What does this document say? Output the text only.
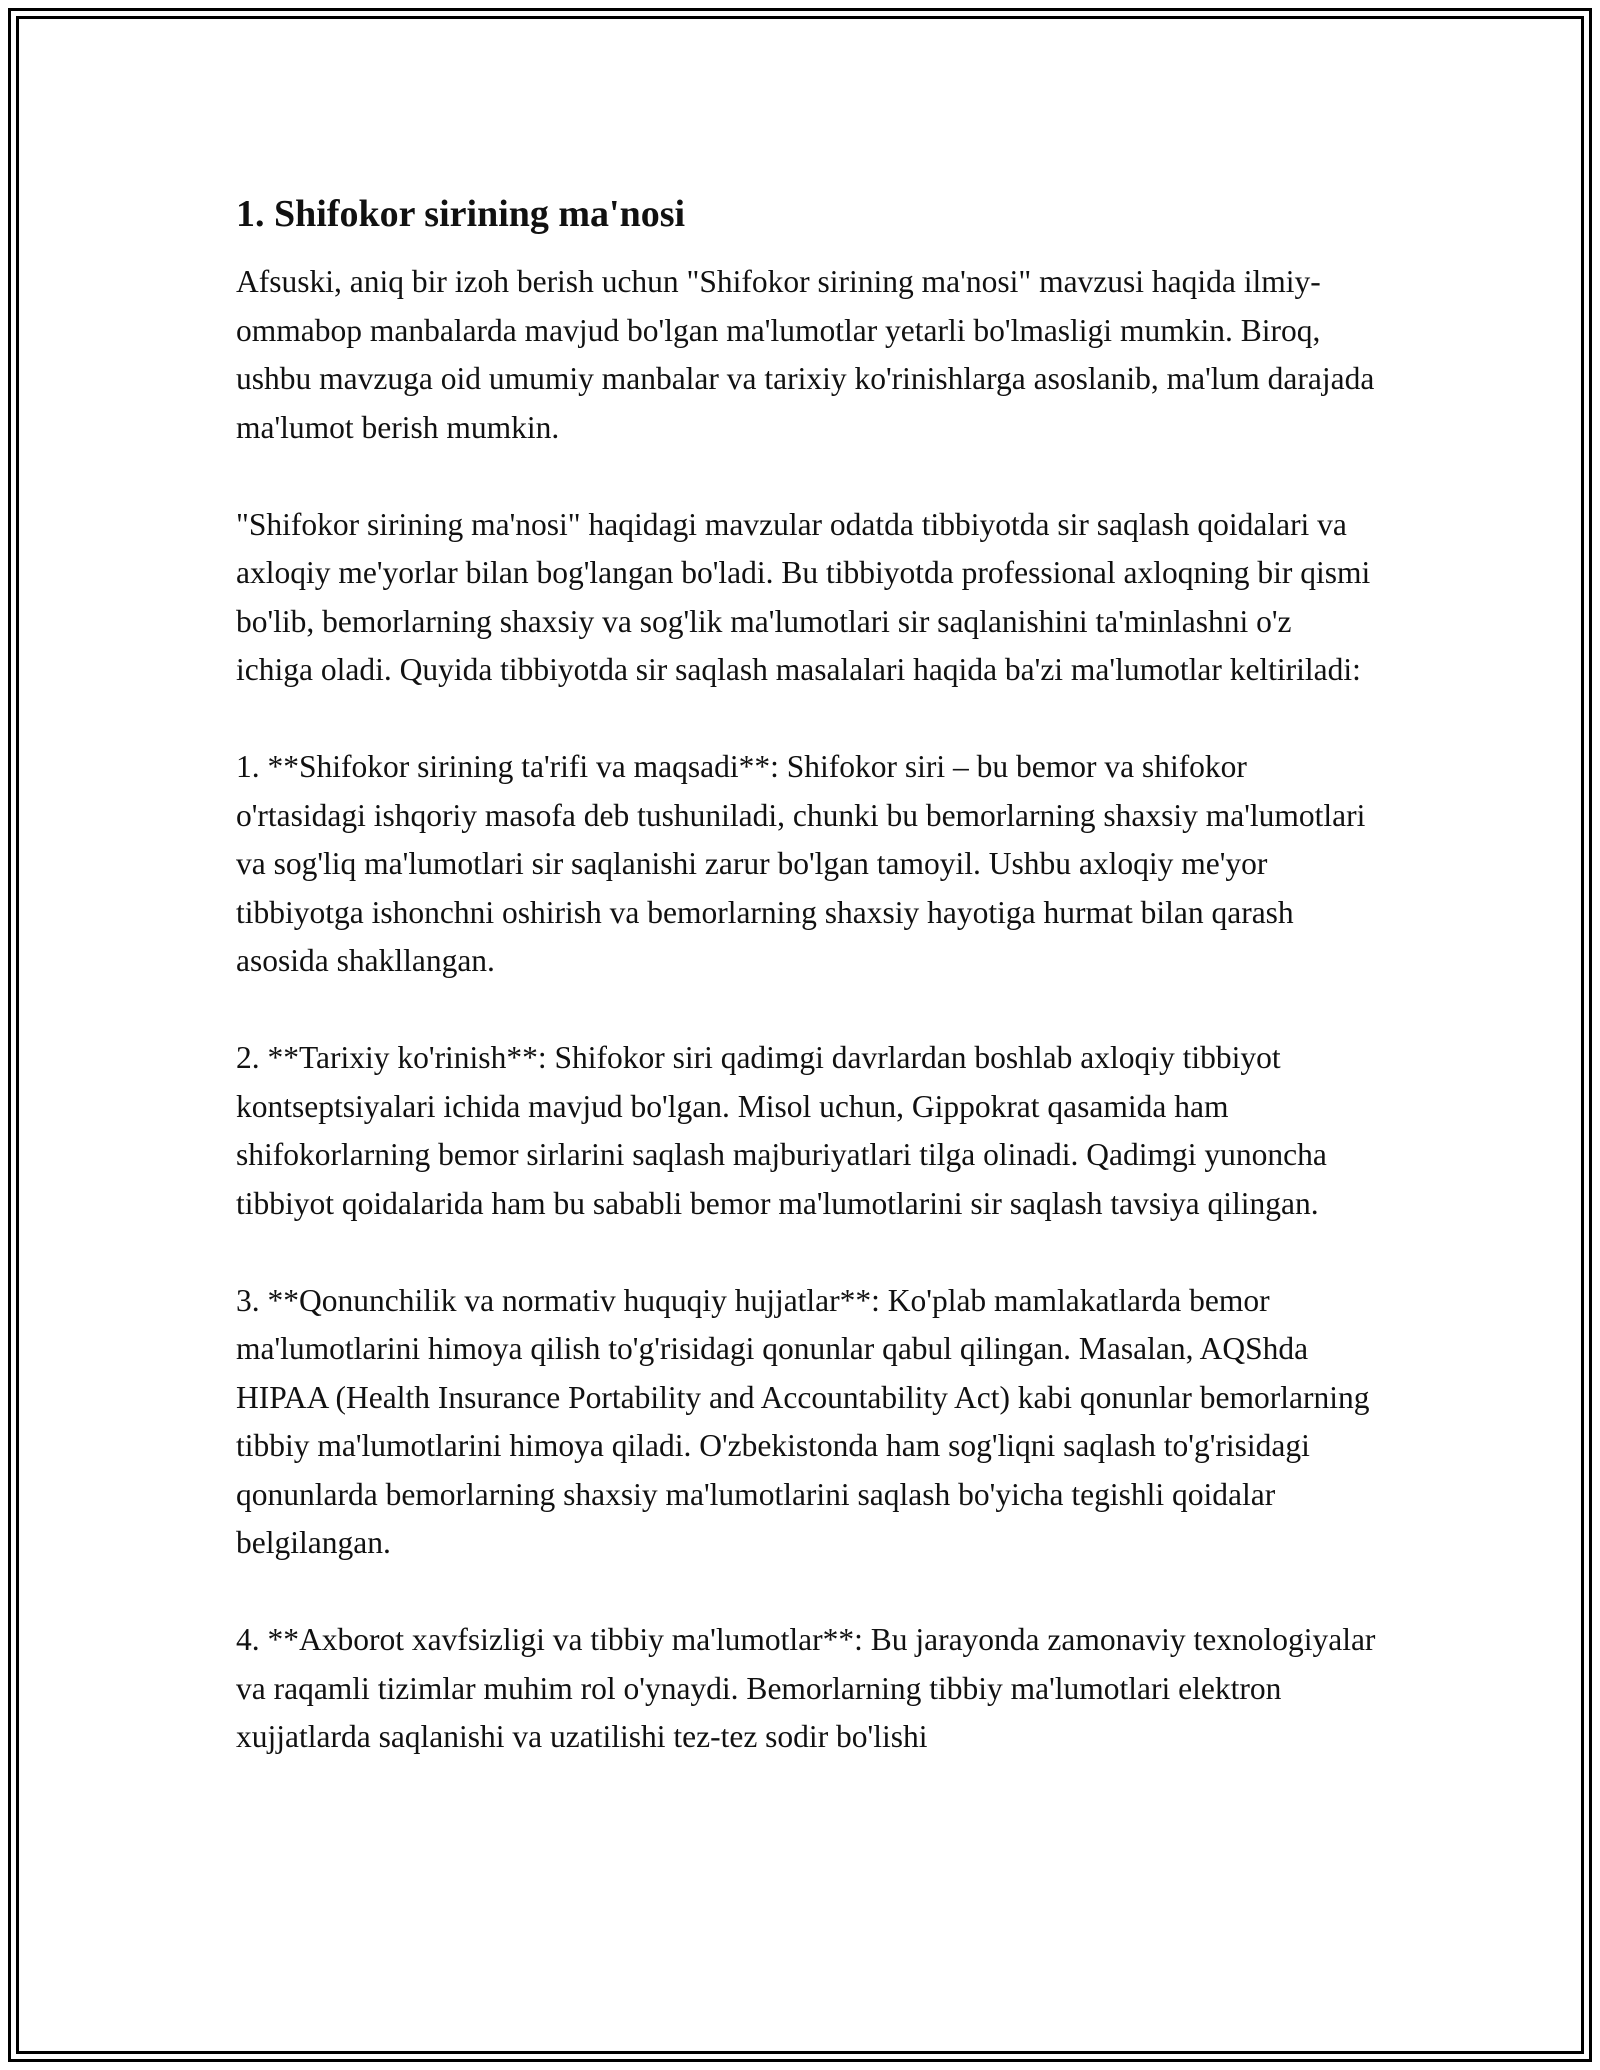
1. Shifokor sirining ma'nosi

Afsuski, aniq bir izoh berish uchun "Shifokor sirining ma'nosi" mavzusi haqida ilmiy-ommabop manbalarda mavjud bo'lgan ma'lumotlar yetarli bo'lmasligi mumkin. Biroq, ushbu mavzuga oid umumiy manbalar va tarixiy ko'rinishlarga asoslanib, ma'lum darajada ma'lumot berish mumkin.

"Shifokor sirining ma'nosi" haqidagi mavzular odatda tibbiyotda sir saqlash qoidalari va axloqiy me'yorlar bilan bog'langan bo'ladi. Bu tibbiyotda professional axloqning bir qismi bo'lib, bemorlarning shaxsiy va sog'lik ma'lumotlari sir saqlanishini ta'minlashni o'z ichiga oladi. Quyida tibbiyotda sir saqlash masalalari haqida ba'zi ma'lumotlar keltiriladi:

1. **Shifokor sirining ta'rifi va maqsadi**: Shifokor siri – bu bemor va shifokor o'rtasidagi ishqoriy masofa deb tushuniladi, chunki bu bemorlarning shaxsiy ma'lumotlari va sog'liq ma'lumotlari sir saqlanishi zarur bo'lgan tamoyil. Ushbu axloqiy me'yor tibbiyotga ishonchni oshirish va bemorlarning shaxsiy hayotiga hurmat bilan qarash asosida shakllangan.

2. **Tarixiy ko'rinish**: Shifokor siri qadimgi davrlardan boshlab axloqiy tibbiyot kontseptsiyalari ichida mavjud bo'lgan. Misol uchun, Gippokrat qasamida ham shifokorlarning bemor sirlarini saqlash majburiyatlari tilga olinadi. Qadimgi yunoncha tibbiyot qoidalarida ham bu sababli bemor ma'lumotlarini sir saqlash tavsiya qilingan.

3. **Qonunchilik va normativ huquqiy hujjatlar**: Ko'plab mamlakatlarda bemor ma'lumotlarini himoya qilish to'g'risidagi qonunlar qabul qilingan. Masalan, AQShda HIPAA (Health Insurance Portability and Accountability Act) kabi qonunlar bemorlarning tibbiy ma'lumotlarini himoya qiladi. O'zbekistonda ham sog'liqni saqlash to'g'risidagi qonunlarda bemorlarning shaxsiy ma'lumotlarini saqlash bo'yicha tegishli qoidalar belgilangan.

4. **Axborot xavfsizligi va tibbiy ma'lumotlar**: Bu jarayonda zamonaviy texnologiyalar va raqamli tizimlar muhim rol o'ynaydi. Bemorlarning tibbiy ma'lumotlari elektron xujjatlarda saqlanishi va uzatilishi tez-tez sodir bo'lishi
